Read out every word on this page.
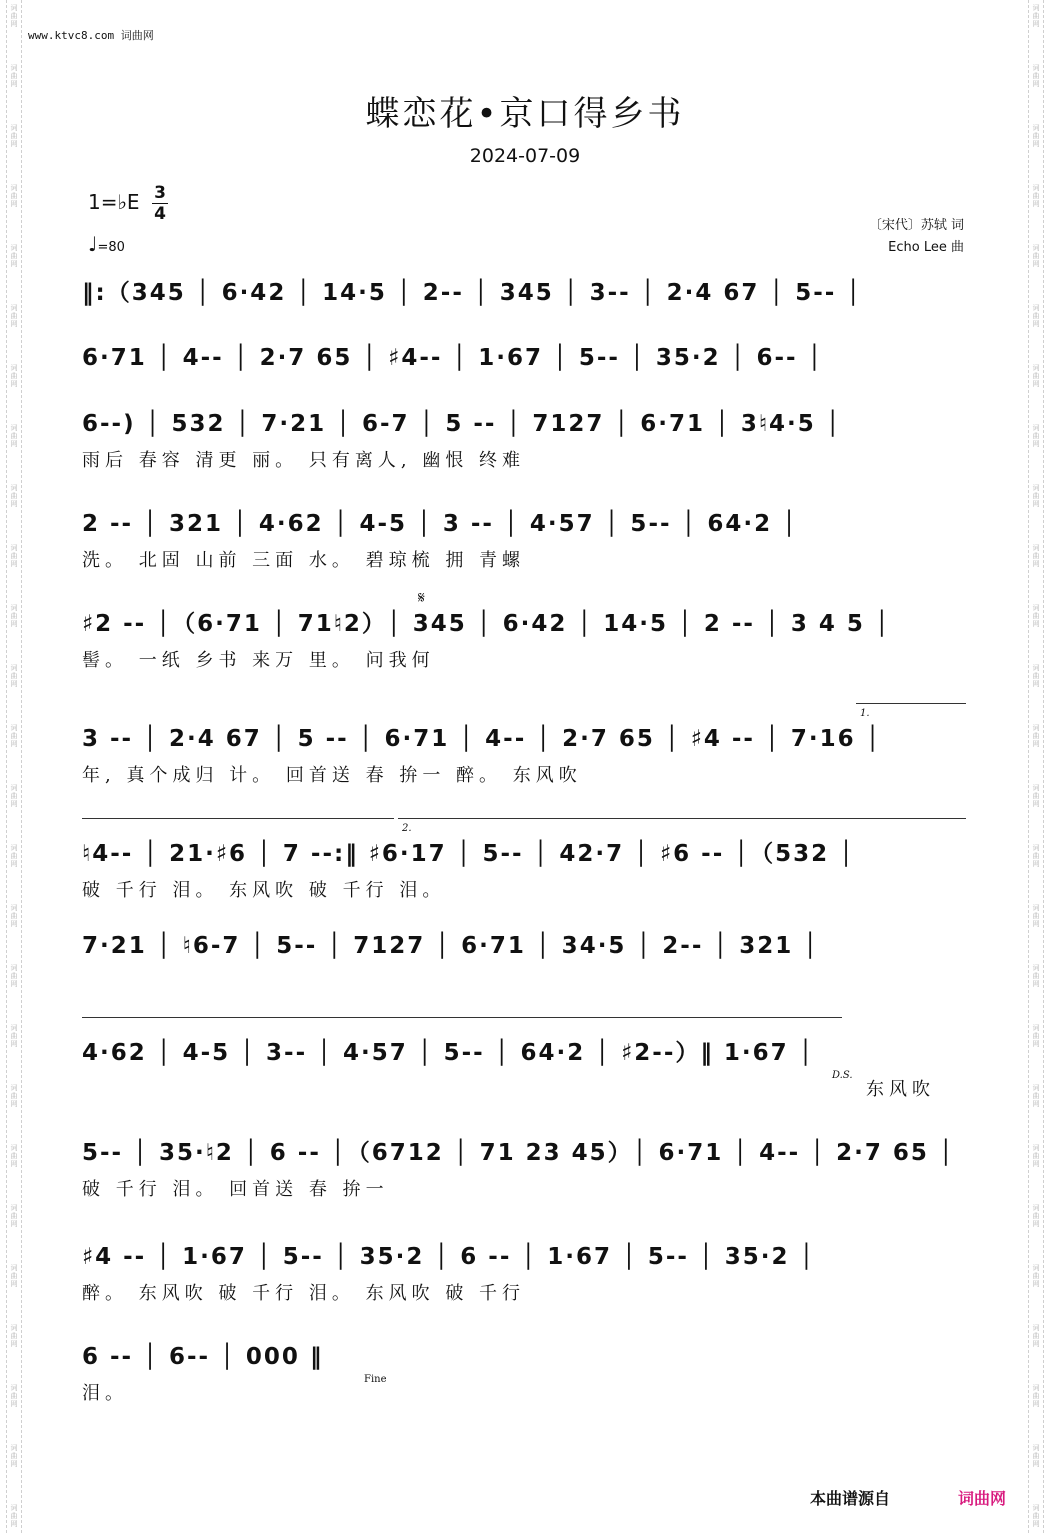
词
曲
网
词
曲
网
词
曲
网
词
曲
网
词
曲
网
词
曲
网
词
曲
网
词
曲
网
词
曲
网
词
曲
网
词
曲
网
词
曲
网
词
曲
网
词
曲
网
词
曲
网
词
曲
网
词
曲
网
词
曲
网
词
曲
网
词
曲
网
词
曲
网
词
曲
网
词
曲
网
词
曲
网
词
曲
网
词
曲
网
词
曲
网
词
曲
网
词
曲
网
词
曲
网
词
曲
网
词
曲
网
词
曲
网
词
曲
网
词
曲
网
词
曲
网
词
曲
网
词
曲
网
词
曲
网
词
曲
网
词
曲
网
词
曲
网
词
曲
网
词
曲
网
词
曲
网
词
曲
网
词
曲
网
词
曲
网
词
曲
网
词
曲
网
词
曲
网
词
曲
网
www.ktvc8.com 词曲网
蝶恋花•京口得乡书
2024-07-09
1=♭E 3
4
♩=80
〔宋代〕苏轼 词
Echo Lee 曲
‖:（345 │ 6·42 │ 14·5 │ 2-- │ 345 │ 3-- │ 2·4 67 │ 5-- │
6·71 │ 4-- │ 2·7 65 │ ♯4-- │ 1·67 │ 5-- │ 35·2 │ 6-- │
6--) │ 532 │ 7·21 │ 6-7 │ 5 -- │ 7127 │ 6·71 │ 3♮4·5 │
雨后 春容 清更 丽。 只有离人, 幽恨 终难
2 -- │ 321 │ 4·62 │ 4-5 │ 3 -- │ 4·57 │ 5-- │ 64·2 │
洗。 北固 山前 三面 水。 碧琼梳 拥 青螺
𝄋
♯2 -- │（6·71 │ 71♮2）│ 345 │ 6·42 │ 14·5 │ 2 -- │ 3 4 5 │
髻。 一纸 乡书 来万 里。 问我何
1.
3 -- │ 2·4 67 │ 5 -- │ 6·71 │ 4-- │ 2·7 65 │ ♯4 -- │ 7·16 │
年, 真个成归 计。 回首送 春 拚一 醉。 东风吹
2.
♮4-- │ 21·♯6 │ 7 --:‖ ♯6·17 │ 5-- │ 42·7 │ ♯6 -- │（532 │
破 千行 泪。 东风吹 破 千行 泪。
7·21 │ ♮6-7 │ 5-- │ 7127 │ 6·71 │ 34·5 │ 2-- │ 321 │
4·62 │ 4-5 │ 3-- │ 4·57 │ 5-- │ 64·2 │ ♯2--）‖ 1·67 │
D.S.
东风吹
5-- │ 35·♮2 │ 6 -- │（6712 │ 71 23 45）│ 6·71 │ 4-- │ 2·7 65 │
破 千行 泪。 回首送 春 拚一
♯4 -- │ 1·67 │ 5-- │ 35·2 │ 6 -- │ 1·67 │ 5-- │ 35·2 │
醉。 东风吹 破 千行 泪。 东风吹 破 千行
6 -- │ 6-- │ 000 ‖
Fine
泪。
本曲谱源自	词曲网
